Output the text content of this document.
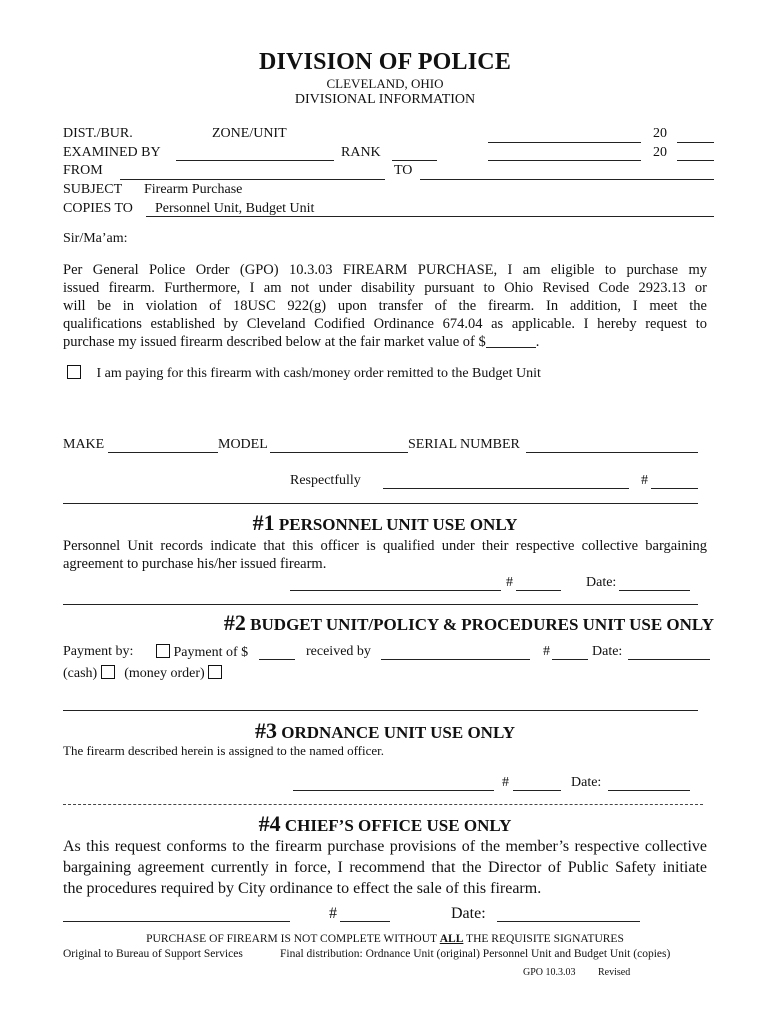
DIVISION OF POLICE
CLEVELAND, OHIO
DIVISIONAL INFORMATION
DIST./BUR.	ZONE/UNIT	20
EXAMINED BY	RANK	20
FROM	TO
SUBJECT Firearm Purchase
COPIES TO Personnel Unit, Budget Unit
Sir/Ma’am:
Per General Police Order (GPO) 10.3.03 FIREARM PURCHASE, I am eligible to purchase my
issued firearm. Furthermore, I am not under disability pursuant to Ohio Revised Code 2923.13 or
will be in violation of 18USC 922(g) upon transfer of the firearm. In addition, I meet the
qualifications established by Cleveland Codified Ordinance 674.04 as applicable. I hereby request to
purchase my issued firearm described below at the fair market value of $	.
I am paying for this firearm with cash/money order remitted to the Budget Unit
MAKE	MODEL	SERIAL NUMBER
Respectfully	#
#1 PERSONNEL UNIT USE ONLY
Personnel Unit records indicate that this officer is qualified under their respective collective bargaining
agreement to purchase his/her issued firearm.
#	Date:
#2 BUDGET UNIT/POLICY & PROCEDURES UNIT USE ONLY
Payment by:	Payment of $	received by	#	Date:
(cash) (money order)
#3 ORDNANCE UNIT USE ONLY
The firearm described herein is assigned to the named officer.
#	Date:
#4 CHIEF’S OFFICE USE ONLY
As this request conforms to the firearm purchase provisions of the member’s respective collective
bargaining agreement currently in force, I recommend that the Director of Public Safety initiate
the procedures required by City ordinance to effect the sale of this firearm.
#	Date:
PURCHASE OF FIREARM IS NOT COMPLETE WITHOUT ALL THE REQUISITE SIGNATURES
Original to Bureau of Support Services	Final distribution: Ordnance Unit (original) Personnel Unit and Budget Unit (copies)
GPO 10.3.03 Revised
